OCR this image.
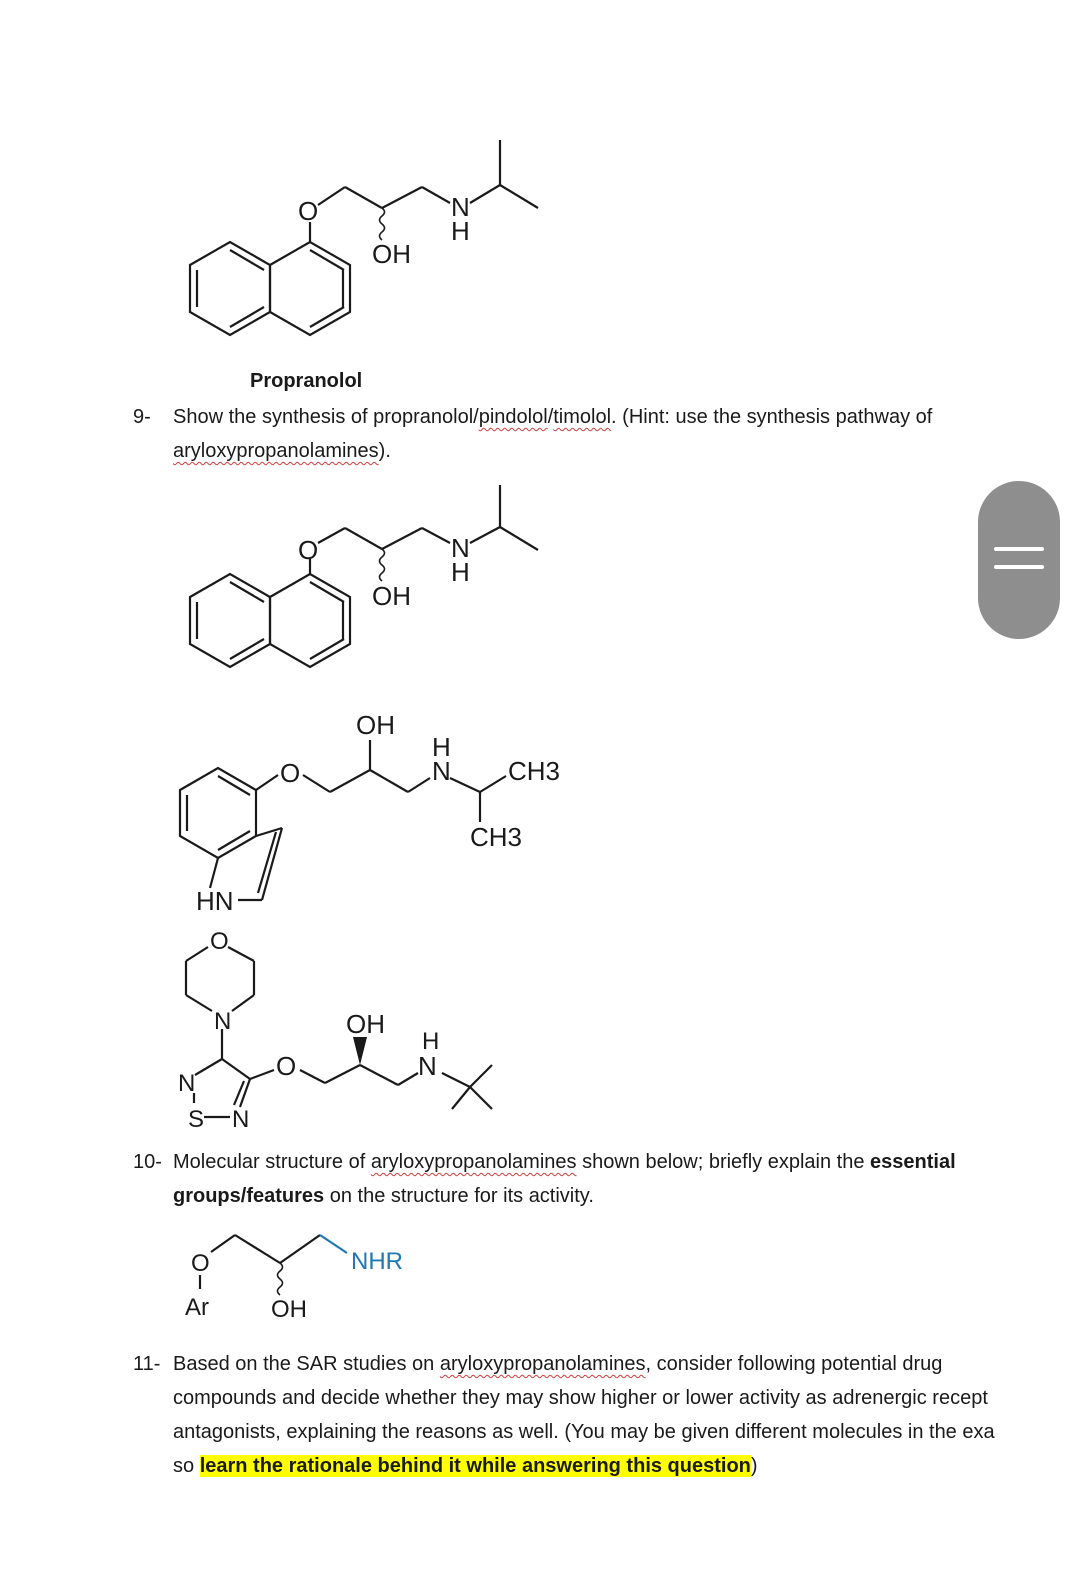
O
OH
N
H
Propranolol
9- Show the synthesis of propranolol/pindolol/timolol. (Hint: use the synthesis pathway of
aryloxypropanolamines).
O
OH
N
H
OH
O
H
N CH3
CH3
HN
O
N	OH
O
H
N
N
S N
10- Molecular structure of aryloxypropanolamines shown below; briefly explain the essential
groups/features on the structure for its activity.
O
Ar	OH
NHR
11- Based on the SAR studies on aryloxypropanolamines, consider following potential drug
compounds and decide whether they may show higher or lower activity as adrenergic recept
antagonists, explaining the reasons as well. (You may be given different molecules in the exa
so learn the rationale behind it while answering this question)
